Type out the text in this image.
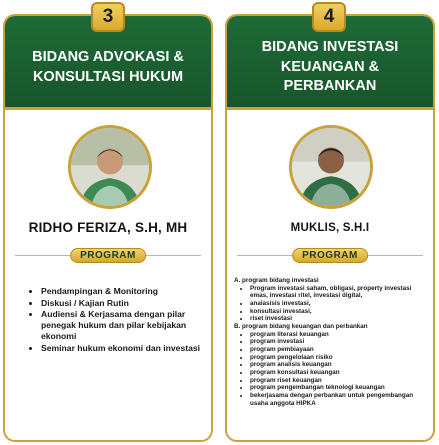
3	4
BIDANG ADVOKASI &
KONSULTASI HUKUM
RIDHO FERIZA, S.H, MH
PROGRAM
• Pendampingan & Monitoring
• Diskusi / Kajian Rutin
• Audiensi & Kerjasama dengan pilar penegak hukum dan pilar kebijakan ekonomi
• Seminar hukum ekonomi dan investasi
BIDANG INVESTASI
KEUANGAN &
PERBANKAN
MUKLIS, S.H.I
PROGRAM
A. program bidang investasi
• Program investasi saham, obligasi, property investasi emas, investasi ritel, investasi digital,
• analasisis investasi,
• konsultasi investasi,
• riset investasi
B. program bidang keuangan dan perbankan
• program literasi keuangan
• program investasi
• program pembiayaan
• program pengelolaan risiko
• program analisis keuangan
• program konsultasi keuangan
• program riset keuangan
• program pengembangan teknologi keuangan
• bekerjasama dengan perbankan untuk pengembangan usaha anggota HIPKA
